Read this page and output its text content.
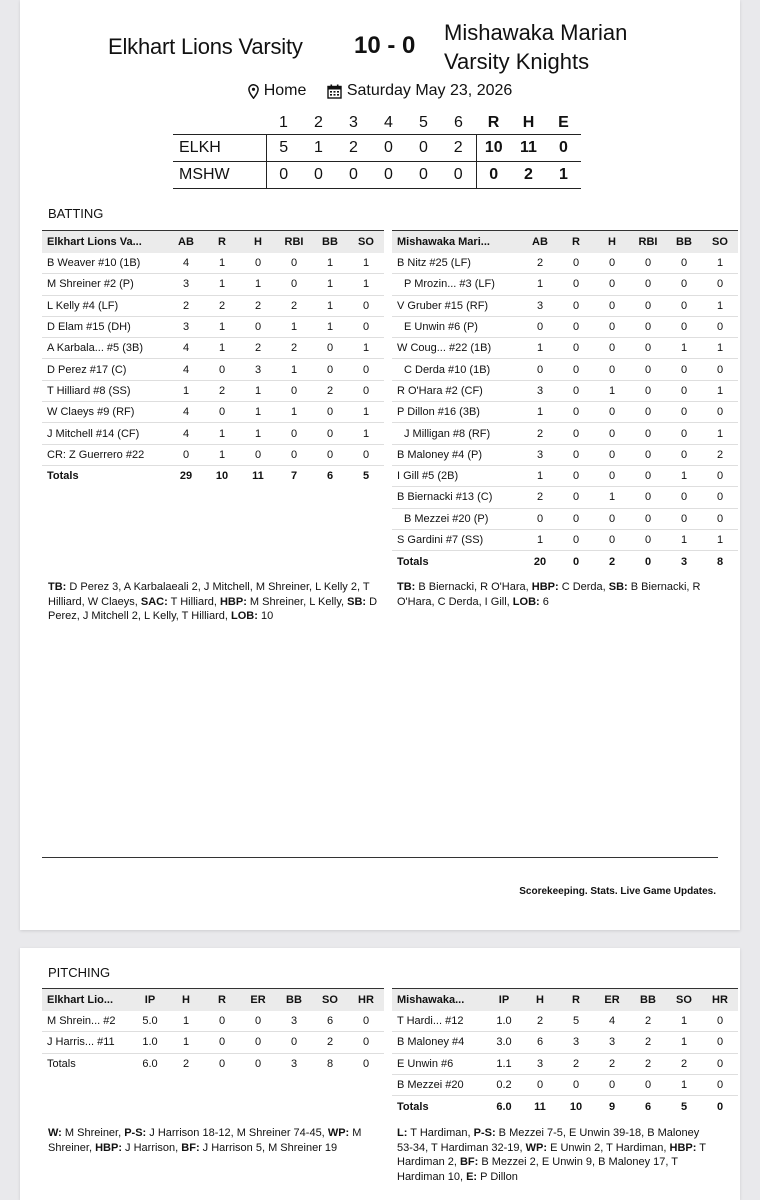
Elkhart Lions Varsity 10 - 0 Mishawaka Marian
Varsity Knights
Home
	Saturday May 23, 2026
	1	2	3	4	5	6	R	H	E
ELKH	5	1	2	0	0	2	10	11	0
MSHW	0	0	0	0	0	0	0	2	1
BATTING
Elkhart Lions Va...	AB	R	H	RBI	BB	SO
B Weaver #10 (1B)	4	1	0	0	1	1
M Shreiner #2 (P)	3	1	1	0	1	1
L Kelly #4 (LF)	2	2	2	2	1	0
D Elam #15 (DH)	3	1	0	1	1	0
A Karbala... #5 (3B)	4	1	2	2	0	1
D Perez #17 (C)	4	0	3	1	0	0
T Hilliard #8 (SS)	1	2	1	0	2	0
W Claeys #9 (RF)	4	0	1	1	0	1
J Mitchell #14 (CF)	4	1	1	0	0	1
CR: Z Guerrero #22	0	1	0	0	0	0
Totals	29	10	11	7	6	5
Mishawaka Mari...	AB	R	H	RBI	BB	SO
B Nitz #25 (LF)	2	0	0	0	0	1
P Mrozin... #3 (LF)	1	0	0	0	0	0
V Gruber #15 (RF)	3	0	0	0	0	1
E Unwin #6 (P)	0	0	0	0	0	0
W Coug... #22 (1B)	1	0	0	0	1	1
C Derda #10 (1B)	0	0	0	0	0	0
R O'Hara #2 (CF)	3	0	1	0	0	1
P Dillon #16 (3B)	1	0	0	0	0	0
J Milligan #8 (RF)	2	0	0	0	0	1
B Maloney #4 (P)	3	0	0	0	0	2
I Gill #5 (2B)	1	0	0	0	1	0
B Biernacki #13 (C)	2	0	1	0	0	0
B Mezzei #20 (P)	0	0	0	0	0	0
S Gardini #7 (SS)	1	0	0	0	1	1
Totals	20	0	2	0	3	8
TB: D Perez 3, A Karbalaeali 2, J Mitchell, M Shreiner, L Kelly 2, T Hilliard, W Claeys, SAC: T Hilliard, HBP: M Shreiner, L Kelly, SB: D Perez, J Mitchell 2, L Kelly, T Hilliard, LOB: 10
TB: B Biernacki, R O'Hara, HBP: C Derda, SB: B Biernacki, R O'Hara, C Derda, I Gill, LOB: 6
Scorekeeping. Stats. Live Game Updates.
PITCHING
Elkhart Lio...	IP	H	R	ER	BB	SO	HR
M Shrein... #2	5.0	1	0	0	3	6	0
J Harris... #11	1.0	1	0	0	0	2	0
Totals	6.0	2	0	0	3	8	0
Mishawaka...	IP	H	R	ER	BB	SO	HR
T Hardi... #12	1.0	2	5	4	2	1	0
B Maloney #4	3.0	6	3	3	2	1	0
E Unwin #6	1.1	3	2	2	2	2	0
B Mezzei #20	0.2	0	0	0	0	1	0
Totals	6.0	11	10	9	6	5	0
W: M Shreiner, P-S: J Harrison 18-12, M Shreiner 74-45, WP: M Shreiner, HBP: J Harrison, BF: J Harrison 5, M Shreiner 19
L: T Hardiman, P-S: B Mezzei 7-5, E Unwin 39-18, B Maloney 53-34, T Hardiman 32-19, WP: E Unwin 2, T Hardiman, HBP: T Hardiman 2, BF: B Mezzei 2, E Unwin 9, B Maloney 17, T Hardiman 10, E: P Dillon
